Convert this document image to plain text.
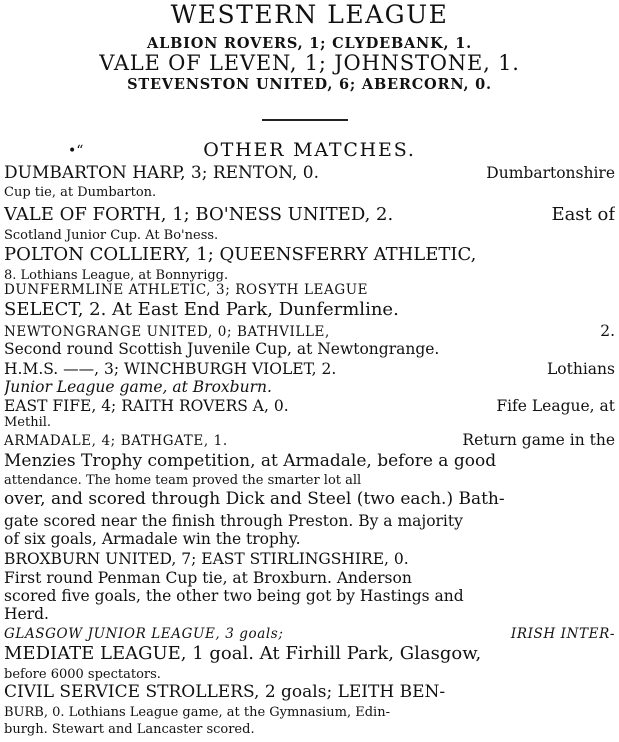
WESTERN LEAGUE
ALBION ROVERS, 1; CLYDEBANK, 1.
VALE OF LEVEN, 1; JOHNSTONE, 1.
STEVENSTON UNITED, 6; ABERCORN, 0.
•“	OTHER MATCHES.
DUMBARTON HARP, 3; RENTON, 0.	Dumbartonshire
Cup tie, at Dumbarton.
VALE OF FORTH, 1; BO'NESS UNITED, 2.	East of
Scotland Junior Cup. At Bo'ness.
POLTON COLLIERY, 1; QUEENSFERRY ATHLETIC,
8. Lothians League, at Bonnyrigg.
DUNFERMLINE ATHLETIC, 3; ROSYTH LEAGUE
SELECT, 2. At East End Park, Dunfermline.
NEWTONGRANGE UNITED, 0; BATHVILLE,	2.
Second round Scottish Juvenile Cup, at Newtongrange.
H.M.S. ——, 3; WINCHBURGH VIOLET, 2.	Lothians
Junior League game, at Broxburn.
EAST FIFE, 4; RAITH ROVERS A, 0.	Fife League, at
Methil.
ARMADALE, 4; BATHGATE, 1.	Return game in the
Menzies Trophy competition, at Armadale, before a good
attendance. The home team proved the smarter lot all
over, and scored through Dick and Steel (two each.) Bath-
gate scored near the finish through Preston. By a majority
of six goals, Armadale win the trophy.
BROXBURN UNITED, 7; EAST STIRLINGSHIRE, 0.
First round Penman Cup tie, at Broxburn. Anderson
scored five goals, the other two being got by Hastings and
Herd.
GLASGOW JUNIOR LEAGUE, 3 goals;	IRISH INTER-
MEDIATE LEAGUE, 1 goal. At Firhill Park, Glasgow,
before 6000 spectators.
CIVIL SERVICE STROLLERS, 2 goals; LEITH BEN-
BURB, 0. Lothians League game, at the Gymnasium, Edin-
burgh. Stewart and Lancaster scored.
